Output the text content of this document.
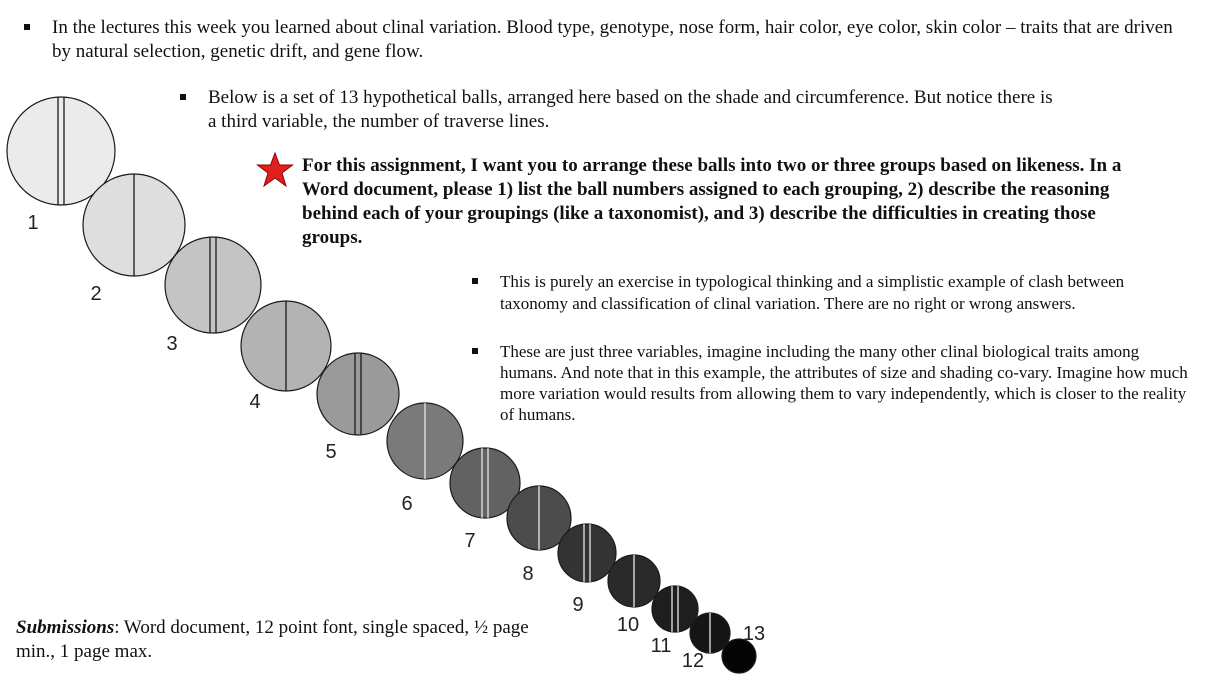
In the lectures this week you learned about clinal variation. Blood type, genotype, nose form, hair color, eye color, skin color – traits that are driven by natural selection, genetic drift, and gene flow.
Below is a set of 13 hypothetical balls, arranged here based on the shade and circumference. But notice there is a third variable, the number of traverse lines.
For this assignment, I want you to arrange these balls into two or three groups based on likeness. In a Word document, please 1) list the ball numbers assigned to each grouping, 2) describe the reasoning behind each of your groupings (like a taxonomist), and 3) describe the difficulties in creating those groups.
This is purely an exercise in typological thinking and a simplistic example of clash between taxonomy and classification of clinal variation. There are no right or wrong answers.
These are just three variables, imagine including the many other clinal biological traits among humans. And note that in this example, the attributes of size and shading co-vary. Imagine how much more variation would results from allowing them to vary independently, which is closer to the reality of humans.
Submissions: Word document, 12 point font, single spaced, ½ page min., 1 page max.
1
2
3
4
5
6
7
8
9
10
11
12
13
